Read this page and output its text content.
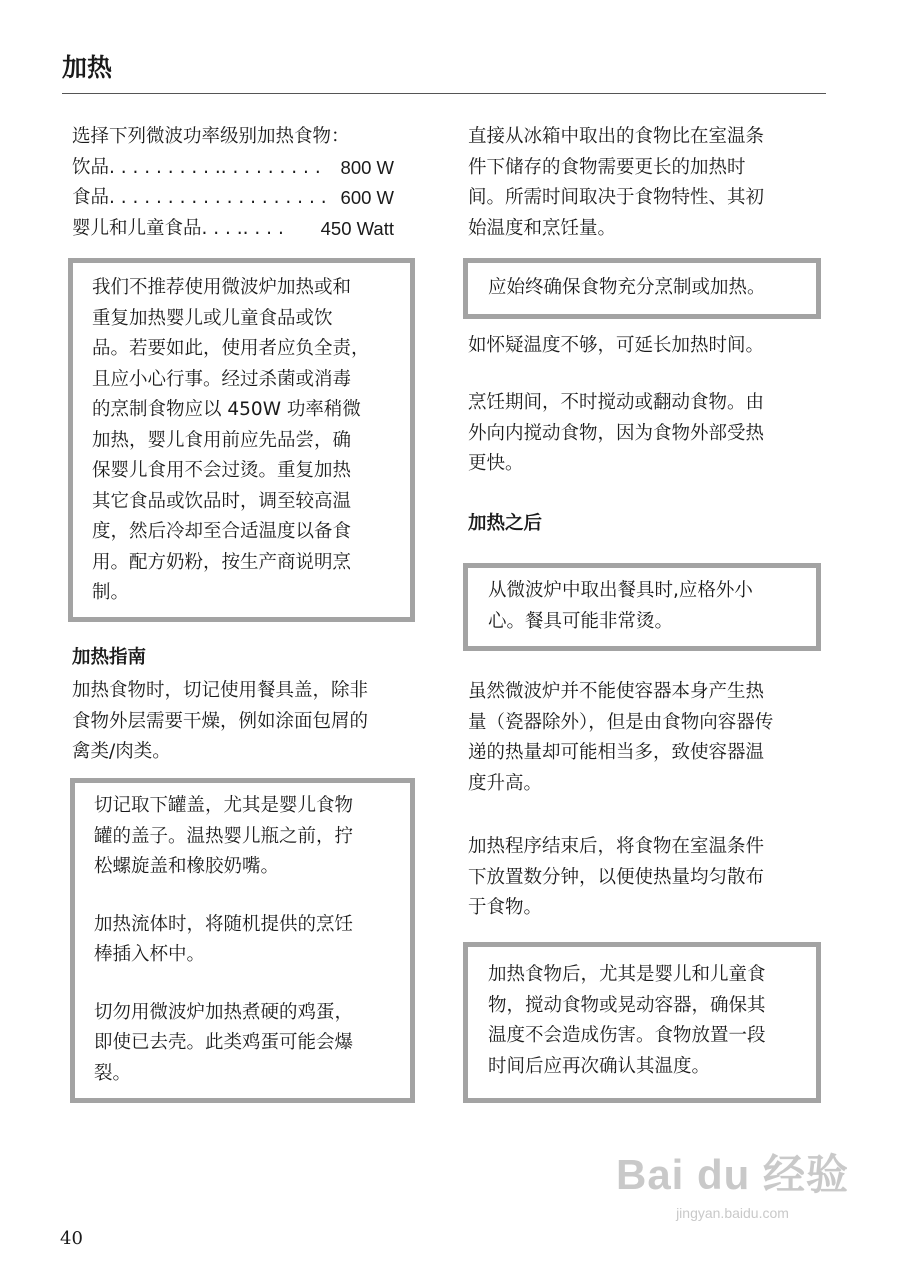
加热
选择下列微波功率级别加热食物：
饮品. . . . . . . . . .. . . . . . . . . 800 W
食品. . . . . . . . . . . . . . . . . . . 600 W
婴儿和儿童食品. . . .. . . . 450 Watt
我们不推荐使用微波炉加热或和
重复加热婴儿或儿童食品或饮
品。若要如此，使用者应负全责，
且应小心行事。经过杀菌或消毒
的烹制食物应以 450W 功率稍微
加热，婴儿食用前应先品尝，确
保婴儿食用不会过烫。重复加热
其它食品或饮品时，调至较高温
度，然后冷却至合适温度以备食
用。配方奶粉，按生产商说明烹
制。
加热指南
加热食物时，切记使用餐具盖，除非
食物外层需要干燥，例如涂面包屑的
禽类/肉类。
切记取下罐盖，尤其是婴儿食物
罐的盖子。温热婴儿瓶之前，拧
松螺旋盖和橡胶奶嘴。
加热流体时，将随机提供的烹饪
棒插入杯中。
切勿用微波炉加热煮硬的鸡蛋，
即使已去壳。此类鸡蛋可能会爆
裂。
直接从冰箱中取出的食物比在室温条
件下储存的食物需要更长的加热时
间。所需时间取决于食物特性、其初
始温度和烹饪量。
应始终确保食物充分烹制或加热。
如怀疑温度不够，可延长加热时间。
烹饪期间，不时搅动或翻动食物。由
外向内搅动食物，因为食物外部受热
更快。
加热之后
从微波炉中取出餐具时,应格外小
心。餐具可能非常烫。
虽然微波炉并不能使容器本身产生热
量（瓷器除外），但是由食物向容器传
递的热量却可能相当多，致使容器温
度升高。
加热程序结束后，将食物在室温条件
下放置数分钟，以便使热量均匀散布
于食物。
加热食物后，尤其是婴儿和儿童食
物，搅动食物或晃动容器，确保其
温度不会造成伤害。食物放置一段
时间后应再次确认其温度。
40
Bai du 经验
jingyan.baidu.com
